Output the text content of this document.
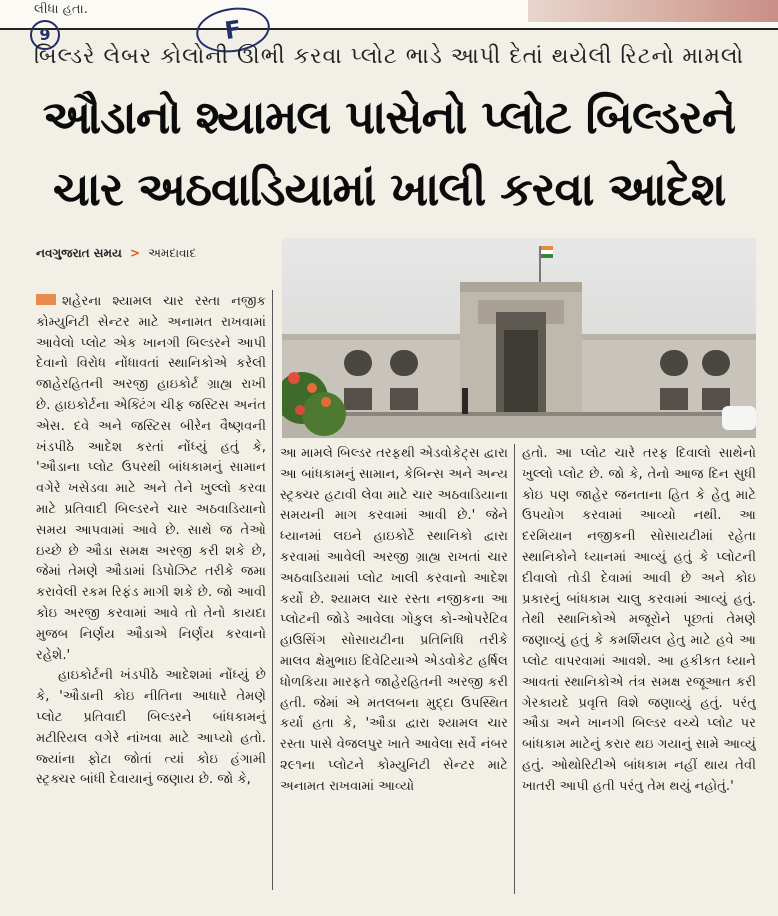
લીધા હતા.
9	F
બિલ્ડરે લેબર કોલોની ઊભી કરવા પ્લોટ ભાડે આપી દેતાં થયેલી રિટનો મામલો
ઔડાનો શ્યામલ પાસેનો પ્લોટ બિલ્ડરને
ચાર અઠવાડિયામાં ખાલી કરવા આદેશ
નવગુજરાત સમય > અમદાવાદ

શહેરના શ્યામલ ચાર રસ્તા નજીક કોમ્યુનિટી સેન્ટર માટે અનામત રાખવામાં આવેલો પ્લોટ એક ખાનગી બિલ્ડરને આપી દેવાનો વિરોધ નોંધાવતાં સ્થાનિકોએ કરેલી જાહેરહિતની અરજી હાઇકોર્ટ ગ્રાહ્ય રાખી છે. હાઇકોર્ટના એક્ટિંગ ચીફ જસ્ટિસ અનંત એસ. દવે અને જસ્ટિસ બીરેન વૈષ્ણવની ખંડપીઠે આદેશ કરતાં નોંધ્યું હતું કે, 'ઔડાના પ્લોટ ઉપરથી બાંધકામનું સામાન વગેરે ખસેડવા માટે અને તેને ખુલ્લો કરવા માટે પ્રતિવાદી બિલ્ડરને ચાર અઠવાડિયાનો સમય આપવામાં આવે છે. સાથે જ તેઓ ઇચ્છે છે ઔડા સમક્ષ અરજી કરી શકે છે, જેમાં તેમણે ઔડામાં ડિપોઝિટ તરીકે જમા કરાવેલી રકમ રિફંડ માગી શકે છે. જો આવી કોઇ અરજી કરવામાં આવે તો તેનો કાયદા મુજબ નિર્ણય ઔડાએ નિર્ણય કરવાનો રહેશે.'

હાઇકોર્ટની ખંડપીઠે આદેશમાં નોંધ્યું છે કે, 'ઔડાની કોઇ નીતિના આધારે તેમણે પ્લોટ પ્રતિવાદી બિલ્ડરને બાંધકામનું મટીરિયલ વગેરે નાંખવા માટે આપ્યો હતો. જ્યાંના ફોટા જોતાં ત્યાં કોઇ હંગામી સ્ટ્રક્ચર બાંધી દેવાયાનું જણાય છે. જો કે,

આ મામલે બિલ્ડર તરફથી એડવોકેટ્સ દ્વારા આ બાંધકામનું સામાન, કેબિન્સ અને અન્ય સ્ટ્રક્ચર હટાવી લેવા માટે ચાર અઠવાડિયાના સમયની માગ કરવામાં આવી છે.' જેને ધ્યાનમાં લઇને હાઇકોર્ટે સ્થાનિકો દ્વારા કરવામાં આવેલી અરજી ગ્રાહ્ય રાખતાં ચાર અઠવાડિયામાં પ્લોટ ખાલી કરવાનો આદેશ કર્યો છે. શ્યામલ ચાર રસ્તા નજીકના આ પ્લોટની જોડે આવેલા ગોકુલ કો-ઓપરેટિવ હાઉસિંગ સોસાયટીના પ્રતિનિધિ તરીકે માલવ ક્ષેમુભાઇ દિવેટિયાએ એડવોકેટ હર્ષિલ ધોળકિયા મારફતે જાહેરહિતની અરજી કરી હતી. જેમાં એ મતલબના મુદ્દા ઉપસ્થિત કર્યા હતા કે, 'ઔડા દ્વારા શ્યામલ ચાર રસ્તા પાસે વેજલપુર ખાતે આવેલા સર્વે નંબર ૨૯૧ના પ્લોટને કોમ્યુનિટી સેન્ટર માટે અનામત રાખવામાં આવ્યો

હતો. આ પ્લોટ ચારે તરફ દિવાલો સાથેનો ખુલ્લો પ્લોટ છે. જો કે, તેનો આજ દિન સુધી કોઇ પણ જાહેર જનતાના હિત કે હેતુ માટે ઉપયોગ કરવામાં આવ્યો નથી. આ દરમિયાન નજીકની સોસાયટીમાં રહેતા સ્થાનિકોને ધ્યાનમાં આવ્યું હતું કે પ્લોટની દીવાલો તોડી દેવામાં આવી છે અને કોઇ પ્રકારનું બાંધકામ ચાલુ કરવામાં આવ્યું હતું. તેથી સ્થાનિકોએ મજૂરોને પૂછતાં તેમણે જણાવ્યું હતું કે કમર્શિયલ હેતુ માટે હવે આ પ્લોટ વાપરવામાં આવશે. આ હકીકત ધ્યાને આવતાં સ્થાનિકોએ તંત્ર સમક્ષ રજૂઆત કરી ગેરકાયદે પ્રવૃત્તિ વિશે જણાવ્યું હતું. પરંતુ ઔડા અને ખાનગી બિલ્ડર વચ્ચે પ્લોટ પર બાંધકામ માટેનું કરાર થઇ ગયાનું સામે આવ્યું હતું. ઓથોરિટીએ બાંધકામ નહીં થાય તેવી ખાતરી આપી હતી પરંતુ તેમ થયું નહોતું.'
